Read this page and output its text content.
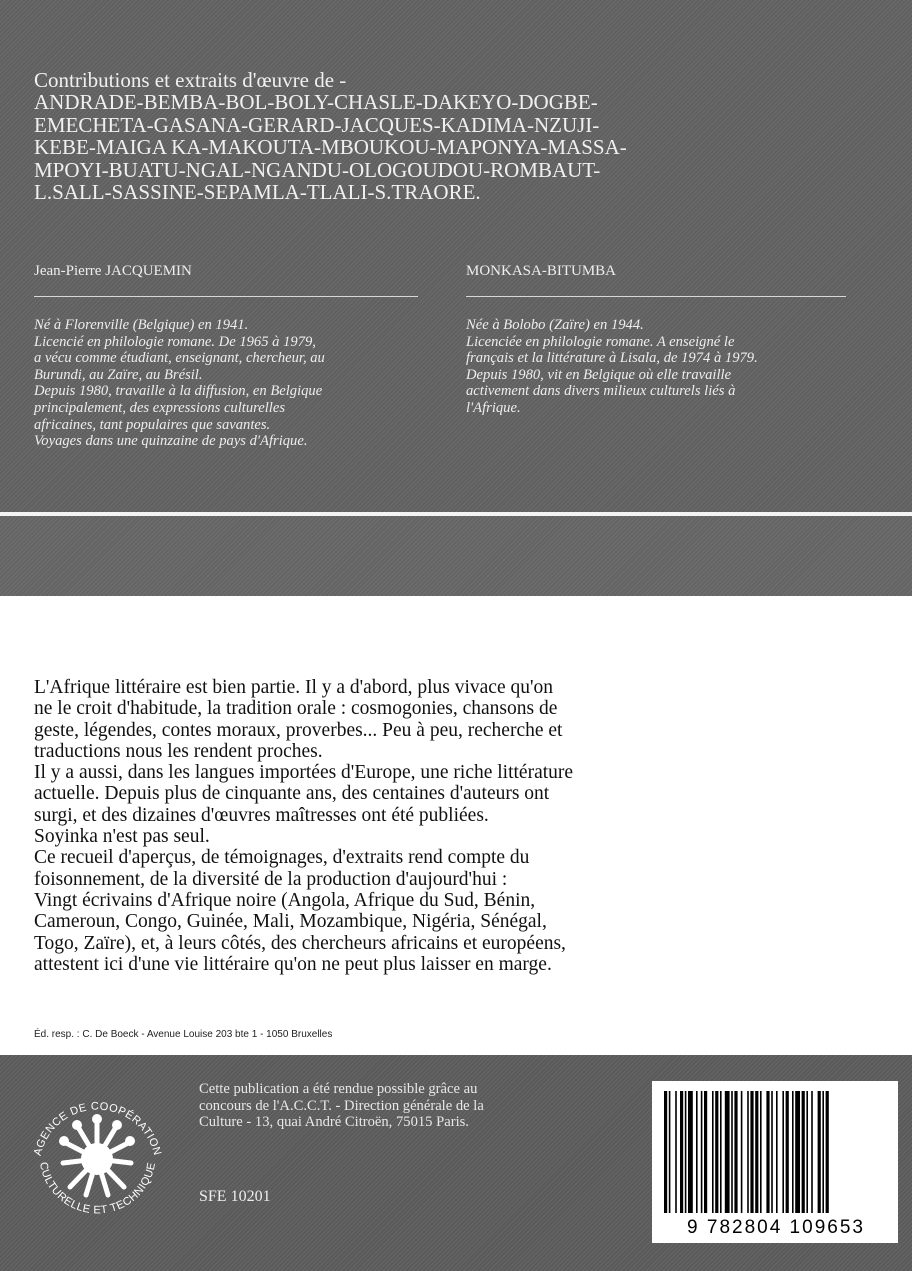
Contributions et extraits d'œuvre de -
ANDRADE-BEMBA-BOL-BOLY-CHASLE-DAKEYO-DOGBE-
EMECHETA-GASANA-GERARD-JACQUES-KADIMA-NZUJI-
KEBE-MAIGA KA-MAKOUTA-MBOUKOU-MAPONYA-MASSA-
MPOYI-BUATU-NGAL-NGANDU-OLOGOUDOU-ROMBAUT-
L.SALL-SASSINE-SEPAMLA-TLALI-S.TRAORE.
Jean-Pierre JACQUEMIN
Né à Florenville (Belgique) en 1941.
Licencié en philologie romane. De 1965 à 1979,
a vécu comme étudiant, enseignant, chercheur, au
Burundi, au Zaïre, au Brésil.
Depuis 1980, travaille à la diffusion, en Belgique
principalement, des expressions culturelles
africaines, tant populaires que savantes.
Voyages dans une quinzaine de pays d'Afrique.
MONKASA-BITUMBA
Née à Bolobo (Zaïre) en 1944.
Licenciée en philologie romane. A enseigné le
français et la littérature à Lisala, de 1974 à 1979.
Depuis 1980, vit en Belgique où elle travaille
activement dans divers milieux culturels liés à
l'Afrique.
L'Afrique littéraire est bien partie. Il y a d'abord, plus vivace qu'on
ne le croit d'habitude, la tradition orale : cosmogonies, chansons de
geste, légendes, contes moraux, proverbes... Peu à peu, recherche et
traductions nous les rendent proches.
Il y a aussi, dans les langues importées d'Europe, une riche littérature
actuelle. Depuis plus de cinquante ans, des centaines d'auteurs ont
surgi, et des dizaines d'œuvres maîtresses ont été publiées.
Soyinka n'est pas seul.
Ce recueil d'aperçus, de témoignages, d'extraits rend compte du
foisonnement, de la diversité de la production d'aujourd'hui :
Vingt écrivains d'Afrique noire (Angola, Afrique du Sud, Bénin,
Cameroun, Congo, Guinée, Mali, Mozambique, Nigéria, Sénégal,
Togo, Zaïre), et, à leurs côtés, des chercheurs africains et européens,
attestent ici d'une vie littéraire qu'on ne peut plus laisser en marge.
Éd. resp. : C. De Boeck - Avenue Louise 203 bte 1 - 1050 Bruxelles
AGENCE DE COOPÉRATION
CULTURELLE ET TECHNIQUE
Cette publication a été rendue possible grâce au
concours de l'A.C.C.T. - Direction générale de la
Culture - 13, quai André Citroën, 75015 Paris.
SFE 10201
9 782804 109653
